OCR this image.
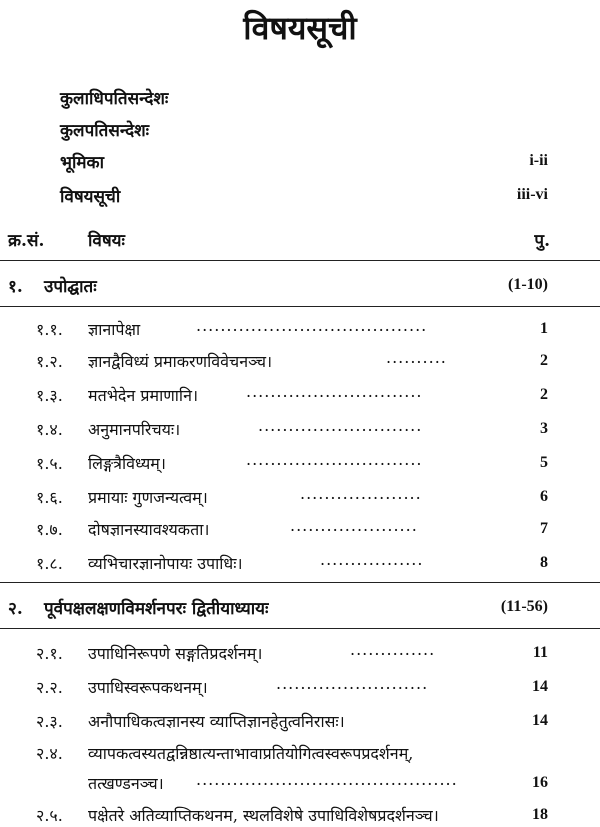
विषयसूची
कुलाधिपतिसन्देशः
कुलपतिसन्देशः
भूमिका	i-ii
विषयसूची	iii-vi
क्र.सं.	विषयः	पु.
१. उपोद्घातः	(1-10)
१.१. ज्ञानापेक्षा	......................................	1
१.२. ज्ञानद्वैविध्यं प्रमाकरणविवेचनञ्च।	..........	2
१.३. मतभेदेन प्रमाणानि।	.............................	2
१.४. अनुमानपरिचयः।	...........................	3
१.५. लिङ्गत्रैविध्यम्।	.............................	5
१.६. प्रमायाः गुणजन्यत्वम्।	....................	6
१.७. दोषज्ञानस्यावश्यकता।	.....................	7
१.८. व्यभिचारज्ञानोपायः उपाधिः।	.................	8
२. पूर्वपक्षलक्षणविमर्शनपरः द्वितीयाध्यायः	(11-56)
२.१. उपाधिनिरूपणे सङ्गतिप्रदर्शनम्।	..............	11
२.२. उपाधिस्वरूपकथनम्।	.........................	14
२.३. अनौपाधिकत्वज्ञानस्य व्याप्तिज्ञानहेतुत्वनिरासः।	14
२.४. व्यापकत्वस्यतद्वन्निष्ठात्यन्ताभावाप्रतियोगित्वस्वरूपप्रदर्शनम्,
तत्खण्डनञ्च। ...........................................	16
२.५. पक्षेतरे अतिव्याप्तिकथनम, स्थलविशेषे उपाधिविशेषप्रदर्शनञ्च।	18
